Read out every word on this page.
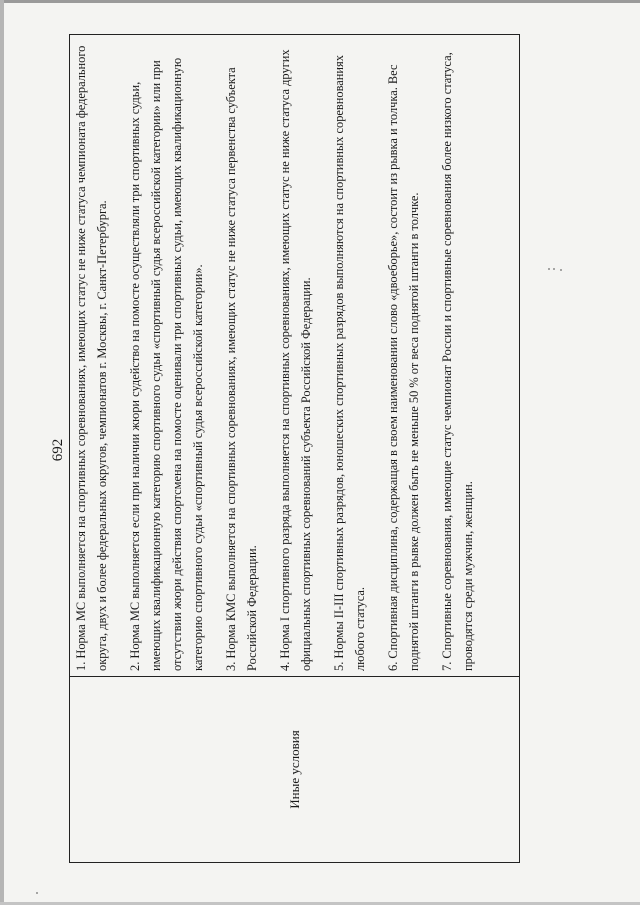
692
Иные условия	

1. Норма МС выполняется на спортивных соревнованиях, имеющих статус не ниже статуса чемпионата федерального округа, двух и более федеральных округов, чемпионатов г. Москвы, г. Санкт-Петербурга.	2. Норма МС выполняется если при наличии жюри судейство на помосте осуществляли три спортивных судьи, имеющих квалификационную категорию спортивного судьи «спортивный судья всероссийской категории» или при отсутствии жюри действия спортсмена на помосте оценивали три спортивных судьи, имеющих квалификационную категорию спортивного судьи «спортивный судья всероссийской категории».	3. Норма КМС выполняется на спортивных соревнованиях, имеющих статус не ниже статуса первенства субъекта Российской Федерации.	4. Норма I спортивного разряда выполняется на спортивных соревнованиях, имеющих статус не ниже статуса других официальных спортивных соревнований субъекта Российской Федерации.	5. Нормы II-III спортивных разрядов, юношеских спортивных разрядов выполняются на спортивных соревнованиях любого статуса.	6. Спортивная дисциплина, содержащая в своем наименовании слово «двоеборье», состоит из рывка и толчка. Вес поднятой штанги в рывке должен быть не меньше 50 % от веса поднятой штанги в толчке.	7. Спортивные соревнования, имеющие статус чемпионат России и спортивные соревнования более низкого статуса, проводятся среди мужчин, женщин.
